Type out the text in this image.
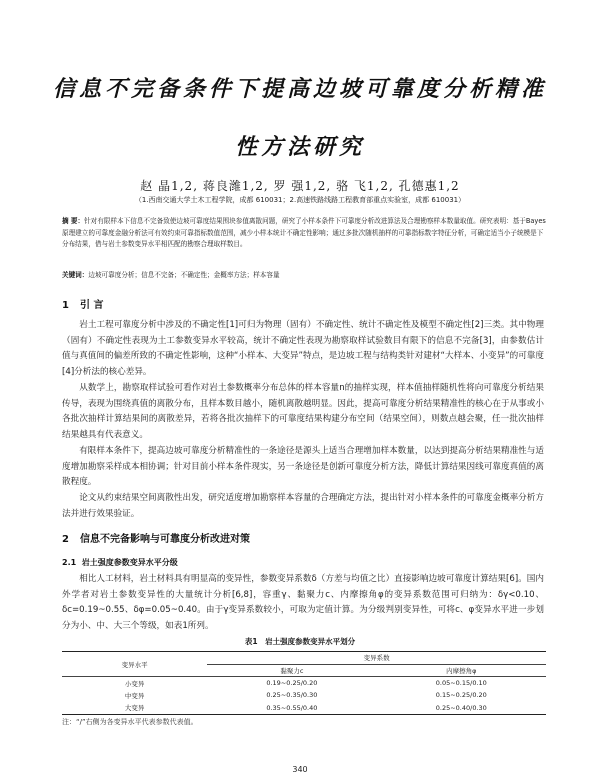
信息不完备条件下提高边坡可靠度分析精准
性方法研究
赵 晶1,2, 蒋良潍1,2, 罗 强1,2, 骆 飞1,2, 孔德惠1,2
（1.西南交通大学土木工程学院，成都 610031；2.高速铁路线路工程教育部重点实验室，成都 610031）
摘 要：针对有限样本下信息不完备致使边坡可靠度结果围块参值离散问题，研究了小样本条件下可靠度分析改进算法及合理勘察样本数量取值。研究表明：基于Bayes原理建立的可靠度金融分析法可有效约束可靠指标数值范围，减少小样本统计不确定性影响；通过多批次随机抽样的可靠指标数字特征分析，可确定适当小子统模是下分布结果，借与岩土参数变异水平相匹配的勘察合理取样数目。
关键词：边坡可靠度分析；信息不完备；不确定性；金概率方法；样本容量
1 引 言

岩土工程可靠度分析中涉及的不确定性[1]可归为物理（固有）不确定性、统计不确定性及模型不确定性[2]三类。其中物理（固有）不确定性表现为土工参数变异水平较高，统计不确定性表现为勘察取样试验数目有限下的信息不完备[3]，由参数估计值与真值间的偏差所致的不确定性影响，这种“小样本、大变异”特点，是边坡工程与结构类针对建材“大样本、小变异”的可靠度[4]分析法的核心差异。

从数学上，勘察取样试验可看作对岩土参数概率分布总体的样本容量n的抽样实现，样本值抽样随机性将向可靠度分析结果传导，表现为围绕真值的离散分布，且样本数目越小，随机离散越明显。因此，提高可靠度分析结果精准性的核心在于从事或小各批次抽样计算结果间的离散差异，若将各批次抽样下的可靠度结果构建分布空间（结果空间），则数点越会聚，任一批次抽样结果越具有代表意义。

有限样本条件下，提高边坡可靠度分析精准性的一条途径是源头上适当合理增加样本数量，以达到提高分析结果精准性与适度增加勘察采样成本相协调；针对目前小样本条件现实，另一条途径是创新可靠度分析方法，降低计算结果因线可靠度真值的离散程度。

论文从约束结果空间离散性出发，研究适度增加勘察样本容量的合理确定方法，提出针对小样本条件的可靠度金概率分析方法并进行效果验证。

2 信息不完备影响与可靠度分析改进对策
2.1 岩土强度参数变异水平分级

相比人工材料，岩土材料具有明显高的变异性，参数变异系数δ（方差与均值之比）直接影响边坡可靠度计算结果[6]。国内外学者对岩土参数变异性的大量统计分析[6,8]，容重γ、黏聚力c、内摩擦角φ的变异系数范围可归纳为：δγ<0.10、δc=0.19~0.55、δφ=0.05~0.40。由于γ变异系数较小，可取为定值计算。为分级判别变异性，可将c、φ变异水平进一步划分为小、中、大三个等级，如表1所列。

表1　岩土强度参数变异水平划分
变异水平	变异系数	
	黏聚力c	内摩擦角φ
小变异	0.19~0.25/0.20	0.05~0.15/0.10
中变异	0.25~0.35/0.30	0.15~0.25/0.20
大变异	0.35~0.55/0.40	0.25~0.40/0.30
注：“/”右侧为各变异水平代表参数代表值。
340
